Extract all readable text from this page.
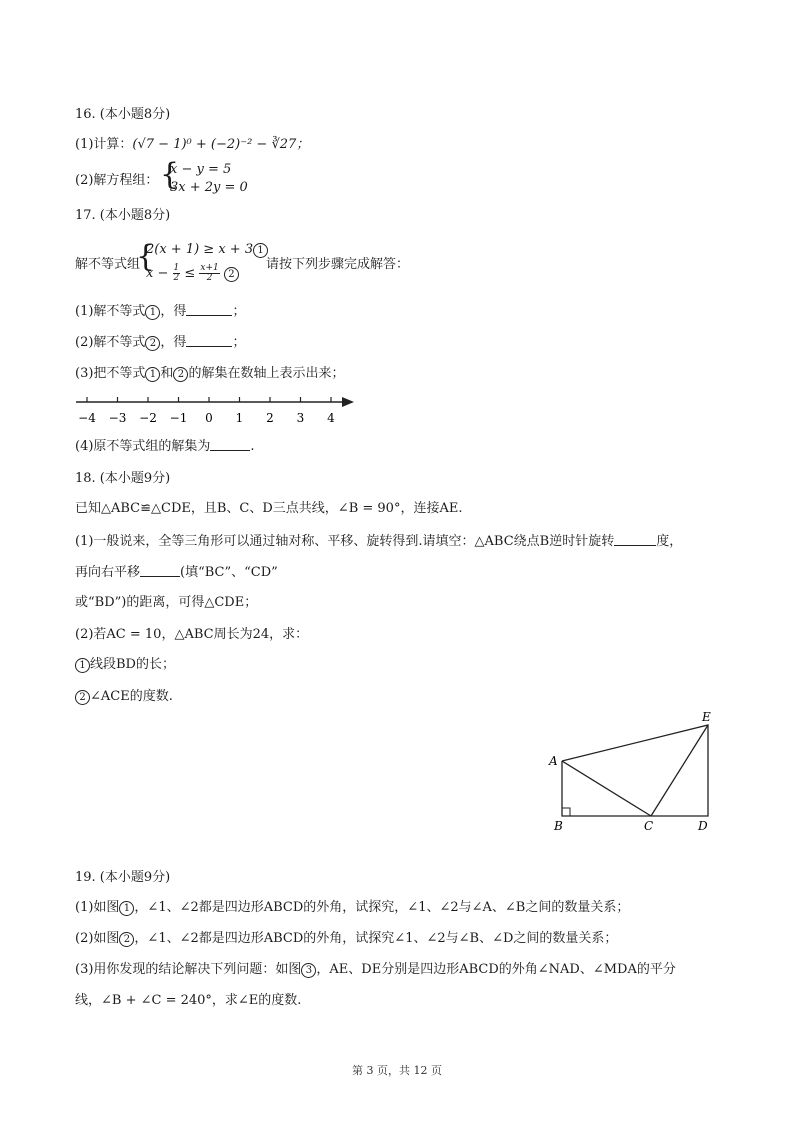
16. (本小题8分)
(1)计算：(√7 − 1)⁰ + (−2)⁻² − ∛27；
(2)解方程组： {
x − y = 5
3x + 2y = 0
17. (本小题8分)
解不等式组
{
2(x + 1) ≥ x + 3 1
$x - \frac{1}{2} \le \frac{x+1}{2} 2$
请按下列步骤完成解答：
(1)解不等式 1 ，得	；
(2)解不等式 2 ，得	；
(3)把不等式 1 和 2 的解集在数轴上表示出来；
−4 −3 −2 −1 0 1 2 3 4
(4)原不等式组的解集为	.
18. (本小题9分)
已知△ABC≌△CDE，且B、C、D三点共线，∠B = 90°，连接AE.
(1)一般说来，全等三角形可以通过轴对称、平移、旋转得到.请填空：△ABC绕点B逆时针旋转	度，
再向右平移	(填“BC”、“CD”
或“BD”)的距离，可得△CDE；
(2)若AC = 10，△ABC周长为24，求：
1 线段BD的长；
2 ∠ACE的度数.
A
B	C	D
E
19. (本小题9分)
(1)如图 1 ，∠1、∠2都是四边形ABCD的外角，试探究，∠1、∠2与∠A、∠B之间的数量关系；
(2)如图 2 ，∠1、∠2都是四边形ABCD的外角，试探究∠1、∠2与∠B、∠D之间的数量关系；
(3)用你发现的结论解决下列问题：如图 3 ，AE、DE分别是四边形ABCD的外角∠NAD、∠MDA的平分
线，∠B + ∠C = 240°，求∠E的度数.
第 3 页，共 12 页
